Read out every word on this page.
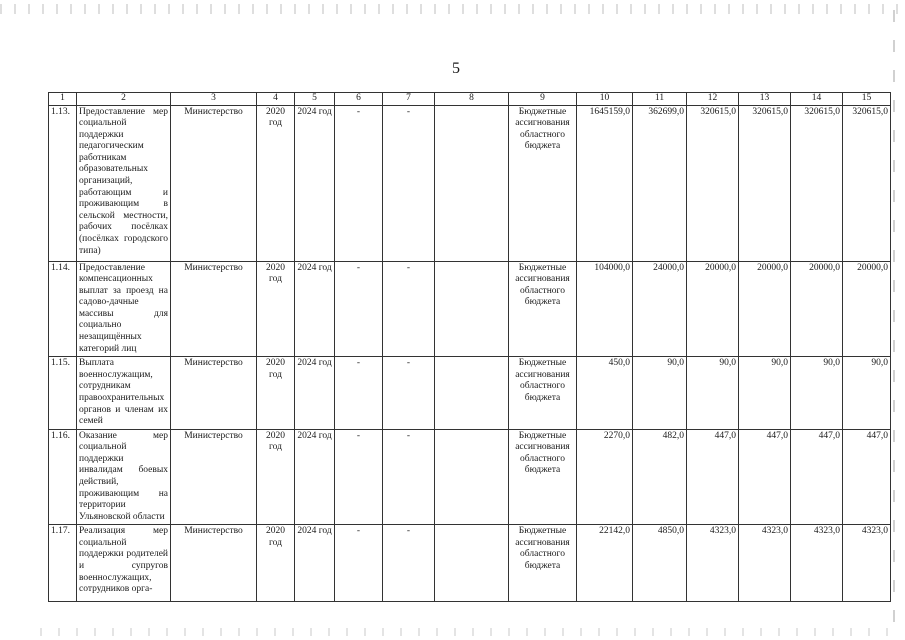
5
1	2	3	4	5	6	7	8	9	10	11	12	13	14	15
1.13.	Предоставление мер социальной поддержки педагогическим работникам образовательных организаций, работающим и проживающим в сельской местности, рабочих посёлках (посёлках городского типа)	Министерство	2020 год	2024 год	-	-		Бюджетные ассигнования областного бюджета	1645159,0	362699,0	320615,0	320615,0	320615,0	320615,0
1.14.	Предоставление компенсационных выплат за проезд на садово-дачные массивы для социально незащищённых категорий лиц	Министерство	2020 год	2024 год	-	-		Бюджетные ассигнования областного бюджета	104000,0	24000,0	20000,0	20000,0	20000,0	20000,0
1.15.	Выплата военнослужащим, сотрудникам правоохранительных органов и членам их семей	Министерство	2020 год	2024 год	-	-		Бюджетные ассигнования областного бюджета	450,0	90,0	90,0	90,0	90,0	90,0
1.16.	Оказание мер социальной поддержки инвалидам боевых действий, проживающим на территории Ульяновской области	Министерство	2020 год	2024 год	-	-		Бюджетные ассигнования областного бюджета	2270,0	482,0	447,0	447,0	447,0	447,0
1.17.	Реализация мер социальной поддержки родителей и супругов военнослужащих, сотрудников орга-	Министерство	2020 год	2024 год	-	-		Бюджетные ассигнования областного бюджета	22142,0	4850,0	4323,0	4323,0	4323,0	4323,0
